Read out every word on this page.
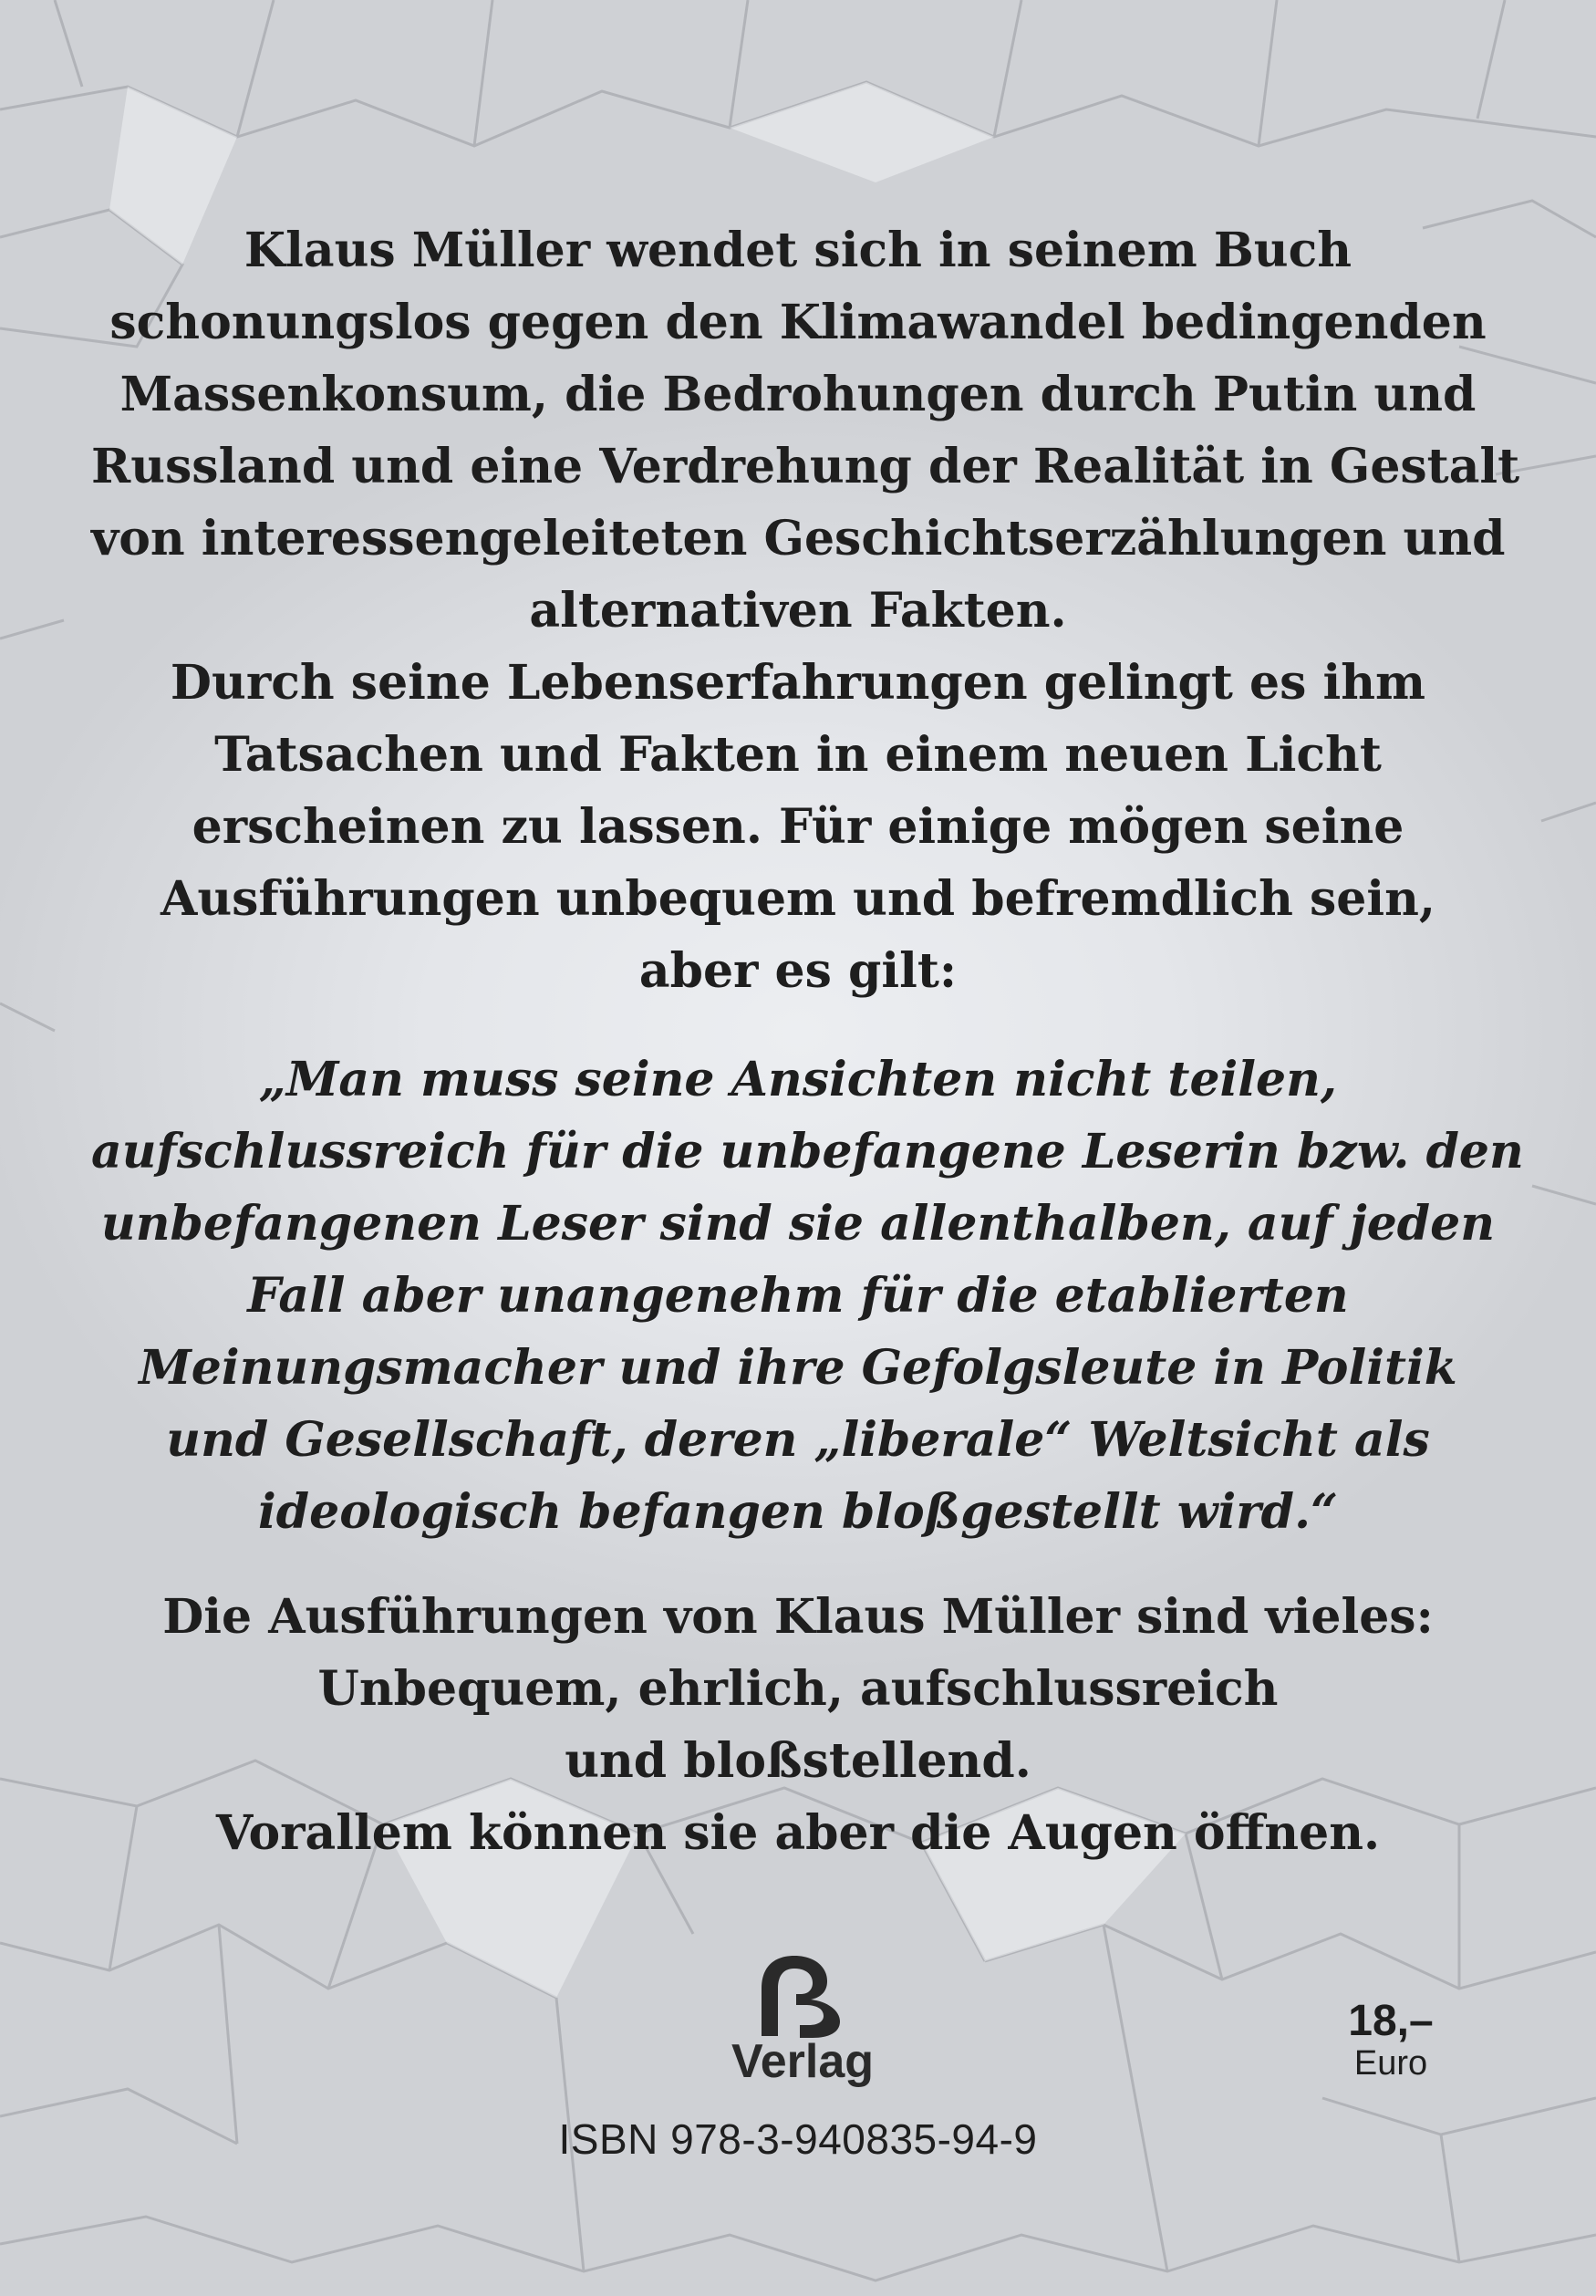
Klaus Müller wendet sich in seinem Buch
schonungslos gegen den Klimawandel bedingenden
Massenkonsum, die Bedrohungen durch Putin und
Russland und eine Verdrehung der Realität in Gestalt
von interessengeleiteten Geschichtserzählungen und
alternativen Fakten.
Durch seine Lebenserfahrungen gelingt es ihm
Tatsachen und Fakten in einem neuen Licht
erscheinen zu lassen. Für einige mögen seine
Ausführungen unbequem und befremdlich sein,
aber es gilt:

„Man muss seine Ansichten nicht teilen,
aufschlussreich für die unbefangene Leserin bzw. den
unbefangenen Leser sind sie allenthalben, auf jeden
Fall aber unangenehm für die etablierten
Meinungsmacher und ihre Gefolgsleute in Politik
und Gesellschaft, deren „liberale“ Weltsicht als
ideologisch befangen bloßgestellt wird.“

Die Ausführungen von Klaus Müller sind vieles:
Unbequem, ehrlich, aufschlussreich
und bloßstellend.
Vorallem können sie aber die Augen öffnen.

Verlag
18,–
Euro
ISBN 978-3-940835-94-9
